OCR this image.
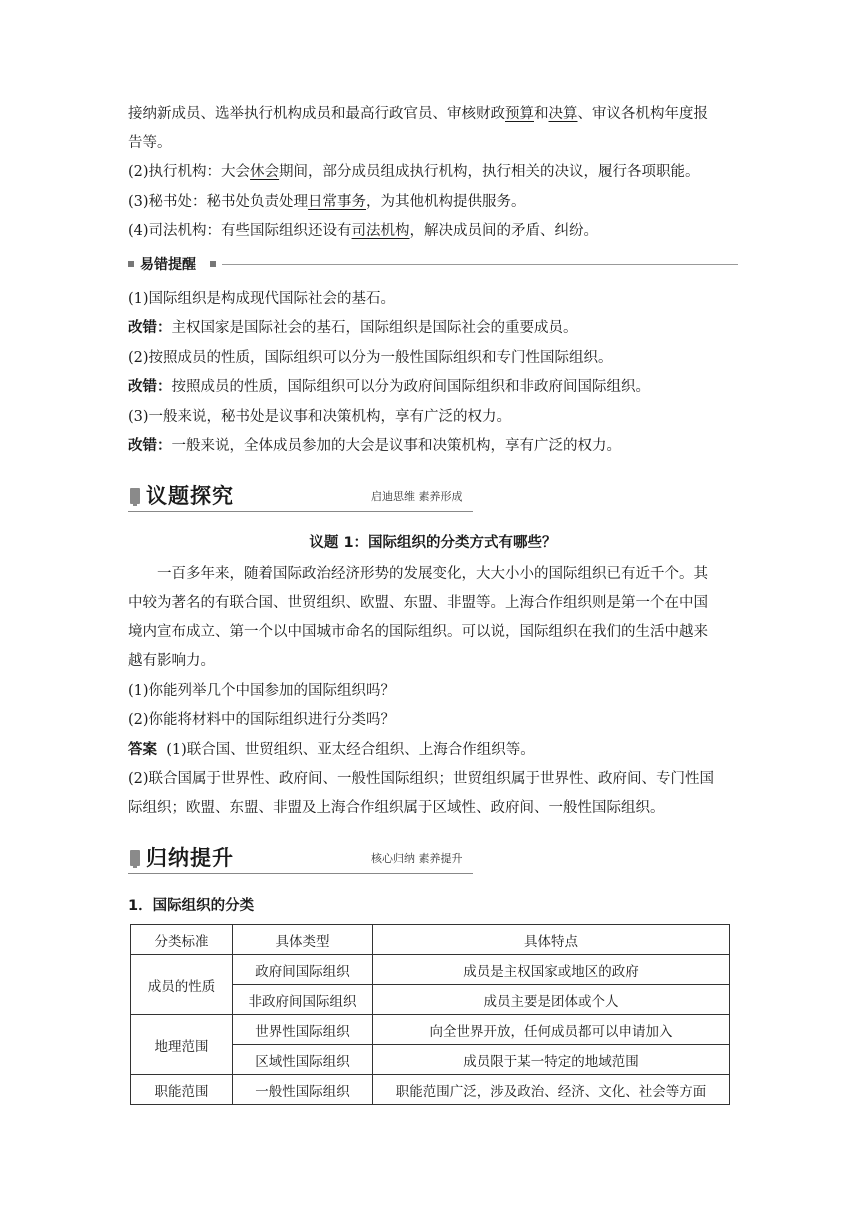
接纳新成员、选举执行机构成员和最高行政官员、审核财政预算和决算、审议各机构年度报
告等。
(2)执行机构：大会休会期间，部分成员组成执行机构，执行相关的决议，履行各项职能。
(3)秘书处：秘书处负责处理日常事务，为其他机构提供服务。
(4)司法机构：有些国际组织还设有司法机构，解决成员间的矛盾、纠纷。
易错提醒
(1)国际组织是构成现代国际社会的基石。
改错：主权国家是国际社会的基石，国际组织是国际社会的重要成员。
(2)按照成员的性质，国际组织可以分为一般性国际组织和专门性国际组织。
改错：按照成员的性质，国际组织可以分为政府间国际组织和非政府间国际组织。
(3)一般来说，秘书处是议事和决策机构，享有广泛的权力。
改错：一般来说，全体成员参加的大会是议事和决策机构，享有广泛的权力。
议题探究	启迪思维 素养形成
议题 1：国际组织的分类方式有哪些？
　　一百多年来，随着国际政治经济形势的发展变化，大大小小的国际组织已有近千个。其
中较为著名的有联合国、世贸组织、欧盟、东盟、非盟等。上海合作组织则是第一个在中国
境内宣布成立、第一个以中国城市命名的国际组织。可以说，国际组织在我们的生活中越来
越有影响力。
(1)你能列举几个中国参加的国际组织吗？
(2)你能将材料中的国际组织进行分类吗？
答案 (1)联合国、世贸组织、亚太经合组织、上海合作组织等。
(2)联合国属于世界性、政府间、一般性国际组织；世贸组织属于世界性、政府间、专门性国
际组织；欧盟、东盟、非盟及上海合作组织属于区域性、政府间、一般性国际组织。
归纳提升	核心归纳 素养提升
1．国际组织的分类
分类标准	具体类型	具体特点
成员的性质	政府间国际组织	成员是主权国家或地区的政府
	非政府间国际组织	成员主要是团体或个人
地理范围	世界性国际组织	向全世界开放，任何成员都可以申请加入
	区域性国际组织	成员限于某一特定的地域范围
职能范围	一般性国际组织	职能范围广泛，涉及政治、经济、文化、社会等方面
